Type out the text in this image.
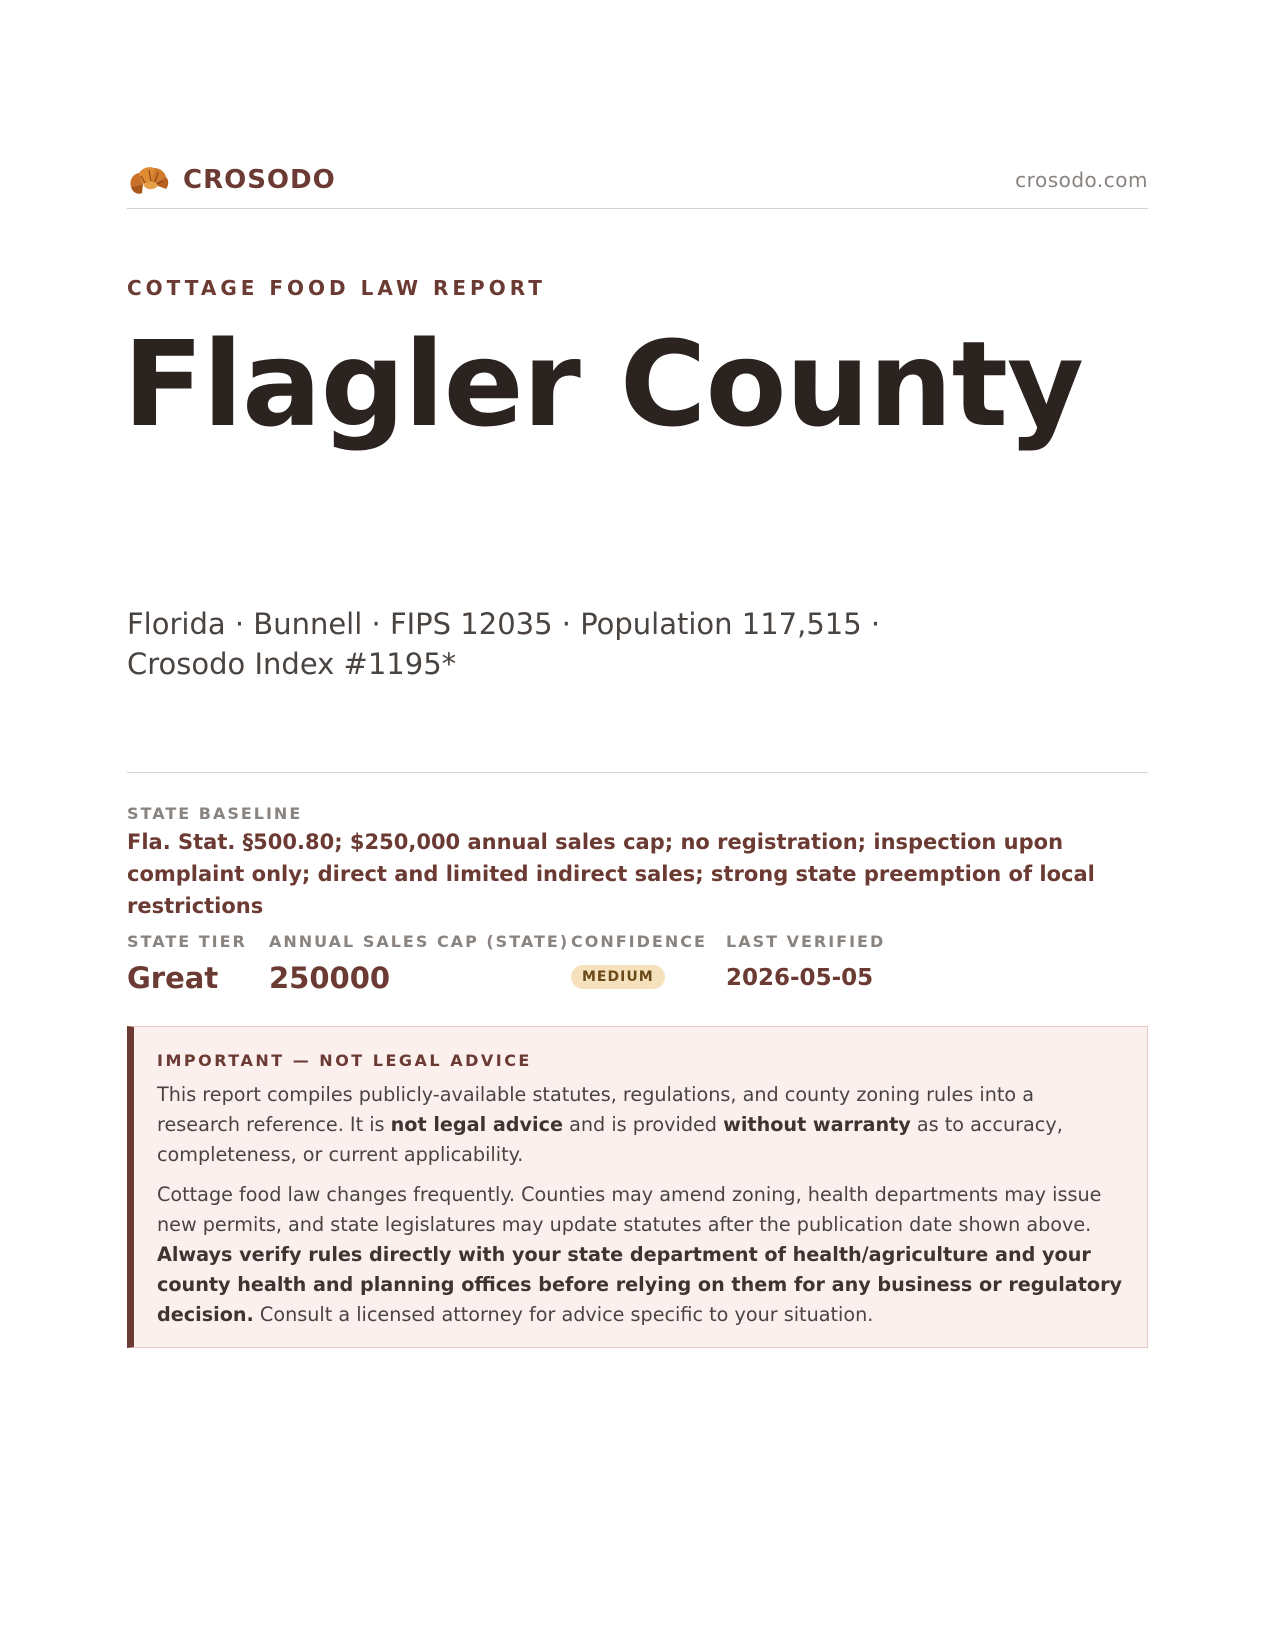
CROSODO	crosodo.com
COTTAGE FOOD LAW REPORT
Flagler County
Florida · Bunnell · FIPS 12035 · Population 117,515 · Crosodo Index #1195*
STATE BASELINE
Fla. Stat. §500.80; $250,000 annual sales cap; no registration; inspection upon complaint only; direct and limited indirect sales; strong state preemption of local restrictions
STATE TIER
Great
ANNUAL SALES CAP (STATE)
250000
CONFIDENCE
MEDIUM
LAST VERIFIED
2026-05-05
IMPORTANT — NOT LEGAL ADVICE

This report compiles publicly-available statutes, regulations, and county zoning rules into a research reference. It is not legal advice and is provided without warranty as to accuracy, completeness, or current applicability.

Cottage food law changes frequently. Counties may amend zoning, health departments may issue new permits, and state legislatures may update statutes after the publication date shown above. Always verify rules directly with your state department of health/agriculture and your county health and planning offices before relying on them for any business or regulatory decision. Consult a licensed attorney for advice specific to your situation.
